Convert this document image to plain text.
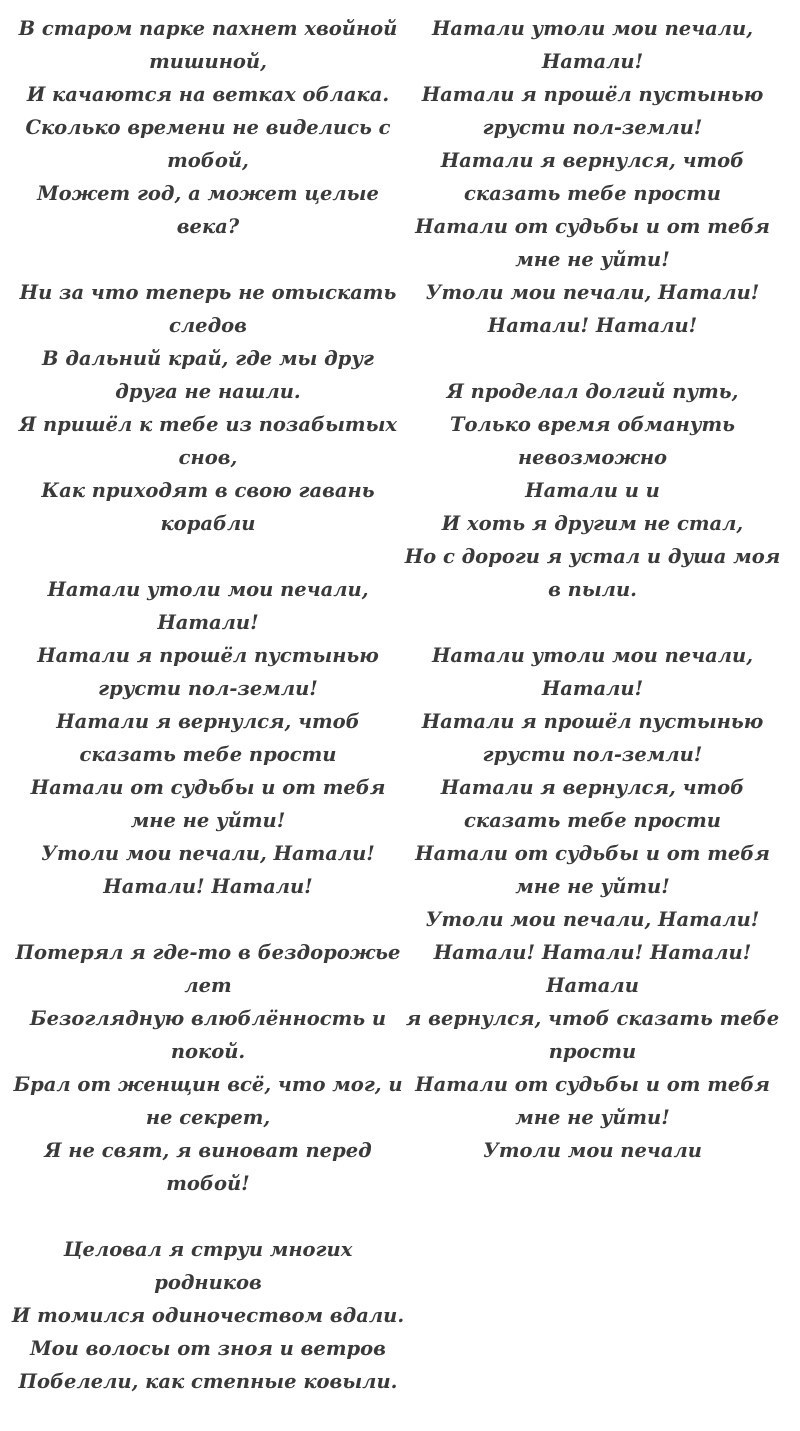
В старом парке пахнет хвойной тишиной,
И качаются на ветках облака.
Сколько времени не виделись с тобой,
Может год, а может целые века?
Ни за что теперь не отыскать следов
В дальний край, где мы друг друга не нашли.
Я пришёл к тебе из позабытых снов,
Как приходят в свою гавань корабли
Натали утоли мои печали, Натали!
Натали я прошёл пустынью грусти пол-земли!
Натали я вернулся, чтоб сказать тебе прости
Натали от судьбы и от тебя мне не уйти!
Утоли мои печали, Натали!
Натали! Натали!
Потерял я где-то в бездорожье лет
Безоглядную влюблённость и покой.
Брал от женщин всё, что мог, и не секрет,
Я не свят, я виноват перед тобой!
Целовал я струи многих родников
И томился одиночеством вдали.
Мои волосы от зноя и ветров
Побелели, как степные ковыли.
Натали утоли мои печали, Натали!
Натали я прошёл пустынью грусти пол-земли!
Натали я вернулся, чтоб сказать тебе прости
Натали от судьбы и от тебя мне не уйти!
Утоли мои печали, Натали!
Натали! Натали!
Я проделал долгий путь,
Только время обмануть невозможно
Натали и и
И хоть я другим не стал,
Но с дороги я устал и душа моя в пыли.
Натали утоли мои печали, Натали!
Натали я прошёл пустынью грусти пол-земли!
Натали я вернулся, чтоб сказать тебе прости
Натали от судьбы и от тебя мне не уйти!
Утоли мои печали, Натали!
Натали! Натали! Натали! Натали
я вернулся, чтоб сказать тебе прости
Натали от судьбы и от тебя мне не уйти!
Утоли мои печали
